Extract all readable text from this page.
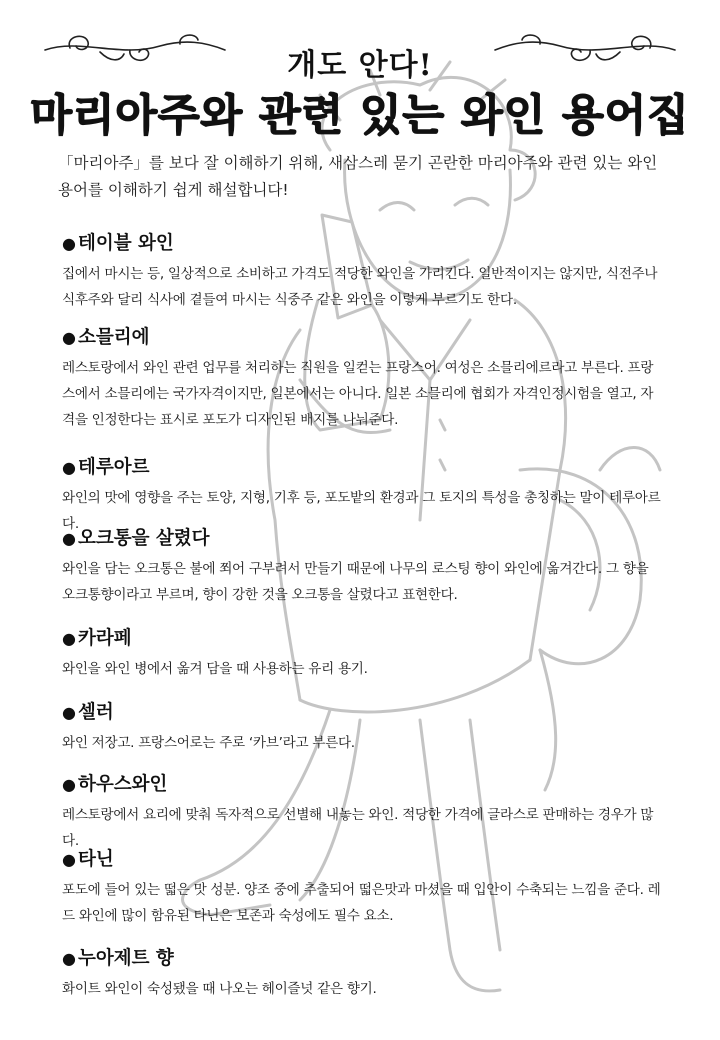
개도 안다!
마리아주와 관련 있는 와인 용어집
「마리아주」를 보다 잘 이해하기 위해, 새삼스레 묻기 곤란한 마리아주와 관련 있는 와인 용어를 이해하기 쉽게 해설합니다!
● 테이블 와인
집에서 마시는 등, 일상적으로 소비하고 가격도 적당한 와인을 가리킨다. 일반적이지는 않지만, 식전주나 식후주와 달리 식사에 곁들여 마시는 식중주 같은 와인을 이렇게 부르기도 한다.
● 소믈리에
레스토랑에서 와인 관련 업무를 처리하는 직원을 일컫는 프랑스어. 여성은 소믈리에르라고 부른다. 프랑스에서 소믈리에는 국가자격이지만, 일본에서는 아니다. 일본 소믈리에 협회가 자격인정시험을 열고, 자격을 인정한다는 표시로 포도가 디자인된 배지를 나눠준다.
● 테루아르
와인의 맛에 영향을 주는 토양, 지형, 기후 등, 포도밭의 환경과 그 토지의 특성을 총칭하는 말이 테루아르다.
● 오크통을 살렸다
와인을 담는 오크통은 불에 쬐어 구부려서 만들기 때문에 나무의 로스팅 향이 와인에 옮겨간다. 그 향을 오크통향이라고 부르며, 향이 강한 것을 오크통을 살렸다고 표현한다.
● 카라페
와인을 와인 병에서 옮겨 담을 때 사용하는 유리 용기.
● 셀러
와인 저장고. 프랑스어로는 주로 ‘카브’라고 부른다.
● 하우스와인
레스토랑에서 요리에 맞춰 독자적으로 선별해 내놓는 와인. 적당한 가격에 글라스로 판매하는 경우가 많다.
● 타닌
포도에 들어 있는 떫은 맛 성분. 양조 중에 추출되어 떫은맛과 마셨을 때 입안이 수축되는 느낌을 준다. 레드 와인에 많이 함유된 타닌은 보존과 숙성에도 필수 요소.
● 누아제트 향
화이트 와인이 숙성됐을 때 나오는 헤이즐넛 같은 향기.
